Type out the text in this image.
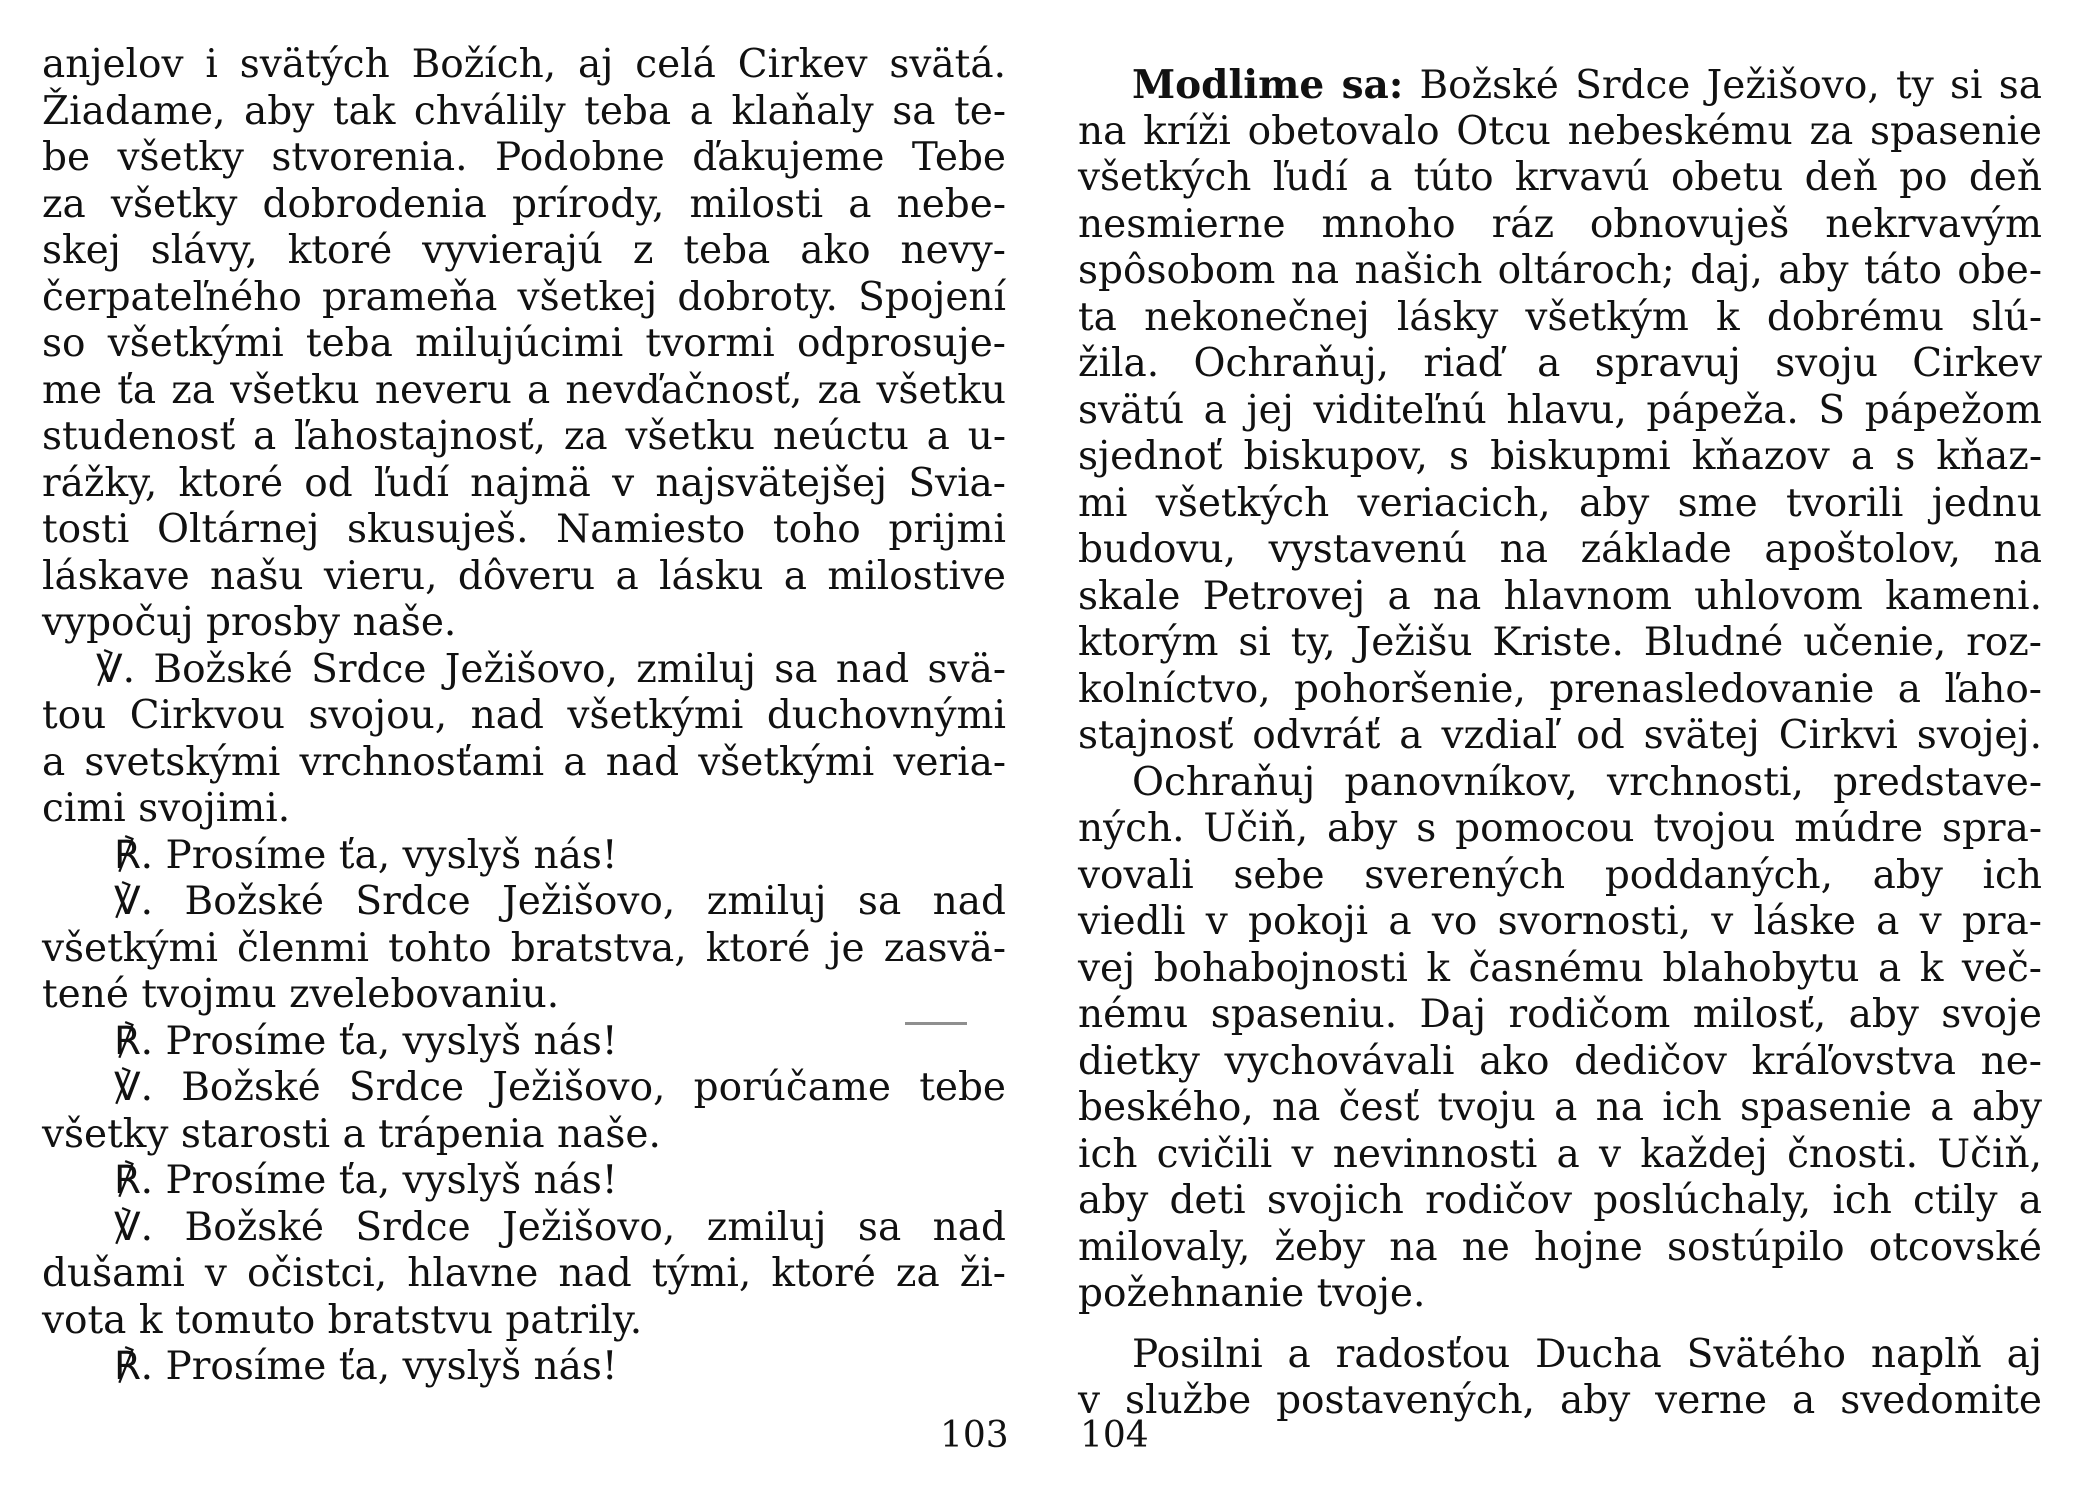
anjelov i svätých Božích, aj celá Cirkev svätá.
Žiadame, aby tak chválily teba a klaňaly sa te-
be všetky stvorenia. Podobne ďakujeme Tebe
za všetky dobrodenia prírody, milosti a nebe-
skej slávy, ktoré vyvierajú z teba ako nevy-
čerpateľného prameňa všetkej dobroty. Spojení
so všetkými teba milujúcimi tvormi odprosuje-
me ťa za všetku neveru a nevďačnosť, za všetku
studenosť a ľahostajnosť, za všetku neúctu a u-
rážky, ktoré od ľudí najmä v najsvätejšej Svia-
tosti Oltárnej skusuješ. Namiesto toho prijmi
láskave našu vieru, dôveru a lásku a milostive
vypočuj prosby naše.
℣. Božské Srdce Ježišovo, zmiluj sa nad svä-
tou Cirkvou svojou, nad všetkými duchovnými
a svetskými vrchnosťami a nad všetkými veria-
cimi svojimi.
℟. Prosíme ťa, vyslyš nás!
℣. Božské Srdce Ježišovo, zmiluj sa nad
všetkými členmi tohto bratstva, ktoré je zasvä-
tené tvojmu zvelebovaniu.
℟. Prosíme ťa, vyslyš nás!
℣. Božské Srdce Ježišovo, porúčame tebe
všetky starosti a trápenia naše.
℟. Prosíme ťa, vyslyš nás!
℣. Božské Srdce Ježišovo, zmiluj sa nad
dušami v očistci, hlavne nad tými, ktoré za ži-
vota k tomuto bratstvu patrily.
℟. Prosíme ťa, vyslyš nás!
103
Modlime sa: Božské Srdce Ježišovo, ty si sa
na kríži obetovalo Otcu nebeskému za spasenie
všetkých ľudí a túto krvavú obetu deň po deň
nesmierne mnoho ráz obnovuješ nekrvavým
spôsobom na našich oltároch; daj, aby táto obe-
ta nekonečnej lásky všetkým k dobrému slú-
žila. Ochraňuj, riaď a spravuj svoju Cirkev
svätú a jej viditeľnú hlavu, pápeža. S pápežom
sjednoť biskupov, s biskupmi kňazov a s kňaz-
mi všetkých veriacich, aby sme tvorili jednu
budovu, vystavenú na základe apoštolov, na
skale Petrovej a na hlavnom uhlovom kameni.
ktorým si ty, Ježišu Kriste. Bludné učenie, roz-
kolníctvo, pohoršenie, prenasledovanie a ľaho-
stajnosť odvráť a vzdiaľ od svätej Cirkvi svojej.
Ochraňuj panovníkov, vrchnosti, predstave-
ných. Učiň, aby s pomocou tvojou múdre spra-
vovali sebe sverených poddaných, aby ich
viedli v pokoji a vo svornosti, v láske a v pra-
vej bohabojnosti k časnému blahobytu a k več-
nému spaseniu. Daj rodičom milosť, aby svoje
dietky vychovávali ako dedičov kráľovstva ne-
beského, na česť tvoju a na ich spasenie a aby
ich cvičili v nevinnosti a v každej čnosti. Učiň,
aby deti svojich rodičov poslúchaly, ich ctily a
milovaly, žeby na ne hojne sostúpilo otcovské
požehnanie tvoje.
Posilni a radosťou Ducha Svätého naplň aj
v službe postavených, aby verne a svedomite
104
